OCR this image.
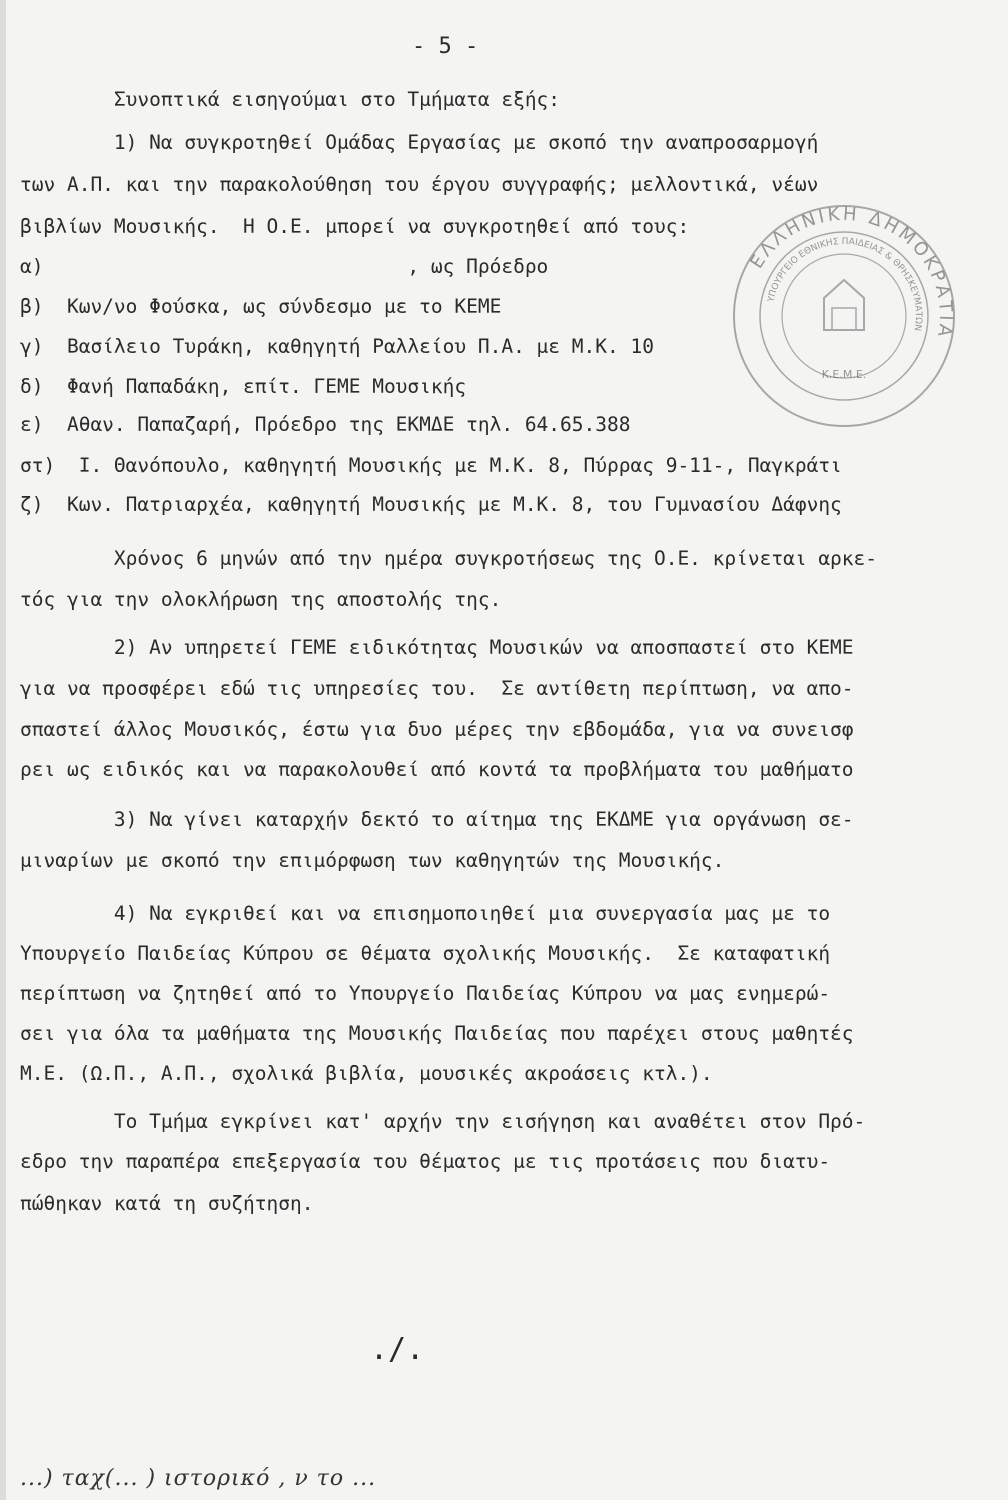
- 5 -
Συνοπτικά εισηγούμαι στο Τμήματα εξής:
1) Να συγκροτηθεί Ομάδας Εργασίας με σκοπό την αναπροσαρμογή
των Α.Π. και την παρακολούθηση του έργου συγγραφής; μελλοντικά, νέων
βιβλίων Μουσικής.  Η Ο.Ε. μπορεί να συγκροτηθεί από τους:
α)                               , ως Πρόεδρο
β)  Κων/νο Φούσκα, ως σύνδεσμο με το ΚΕΜΕ
γ)  Βασίλειο Τυράκη, καθηγητή Ραλλείου Π.Α. με Μ.Κ. 10
δ)  Φανή Παπαδάκη, επίτ. ΓΕΜΕ Μουσικής
ε)  Αθαν. Παπαζαρή, Πρόεδρο της ΕΚΜΔΕ τηλ. 64.65.388
στ)  Ι. Θανόπουλο, καθηγητή Μουσικής με Μ.Κ. 8, Πύρρας 9-11-, Παγκράτι
ζ)  Κων. Πατριαρχέα, καθηγητή Μουσικής με Μ.Κ. 8, του Γυμνασίου Δάφνης
Χρόνος 6 μηνών από την ημέρα συγκροτήσεως της Ο.Ε. κρίνεται αρκε-
τός για την ολοκλήρωση της αποστολής της.
2) Αν υπηρετεί ΓΕΜΕ ειδικότητας Μουσικών να αποσπαστεί στο ΚΕΜΕ
για να προσφέρει εδώ τις υπηρεσίες του.  Σε αντίθετη περίπτωση, να απο-
σπαστεί άλλος Μουσικός, έστω για δυο μέρες την εβδομάδα, για να συνεισφ
ρει ως ειδικός και να παρακολουθεί από κοντά τα προβλήματα του μαθήματο
3) Να γίνει καταρχήν δεκτό το αίτημα της ΕΚΔΜΕ για οργάνωση σε-
μιναρίων με σκοπό την επιμόρφωση των καθηγητών της Μουσικής.
4) Να εγκριθεί και να επισημοποιηθεί μια συνεργασία μας με το
Υπουργείο Παιδείας Κύπρου σε θέματα σχολικής Μουσικής.  Σε καταφατική
περίπτωση να ζητηθεί από το Υπουργείο Παιδείας Κύπρου να μας ενημερώ-
σει για όλα τα μαθήματα της Μουσικής Παιδείας που παρέχει στους μαθητές
Μ.Ε. (Ω.Π., Α.Π., σχολικά βιβλία, μουσικές ακροάσεις κτλ.).
Το Τμήμα εγκρίνει κατ' αρχήν την εισήγηση και αναθέτει στον Πρό-
εδρο την παραπέρα επεξεργασία του θέματος με τις προτάσεις που διατυ-
πώθηκαν κατά τη συζήτηση.
ΕΛΛΗΝΙΚΗ ΔΗΜΟΚΡΑΤΙΑ
ΥΠΟΥΡΓΕΙΟ ΕΘΝΙΚΗΣ ΠΑΙΔΕΙΑΣ & ΘΡΗΣΚΕΥΜΑΤΩΝ
Κ.Ε.Μ.Ε.
./.
...) ταχ(... ) ιστορικό , ν το ...
